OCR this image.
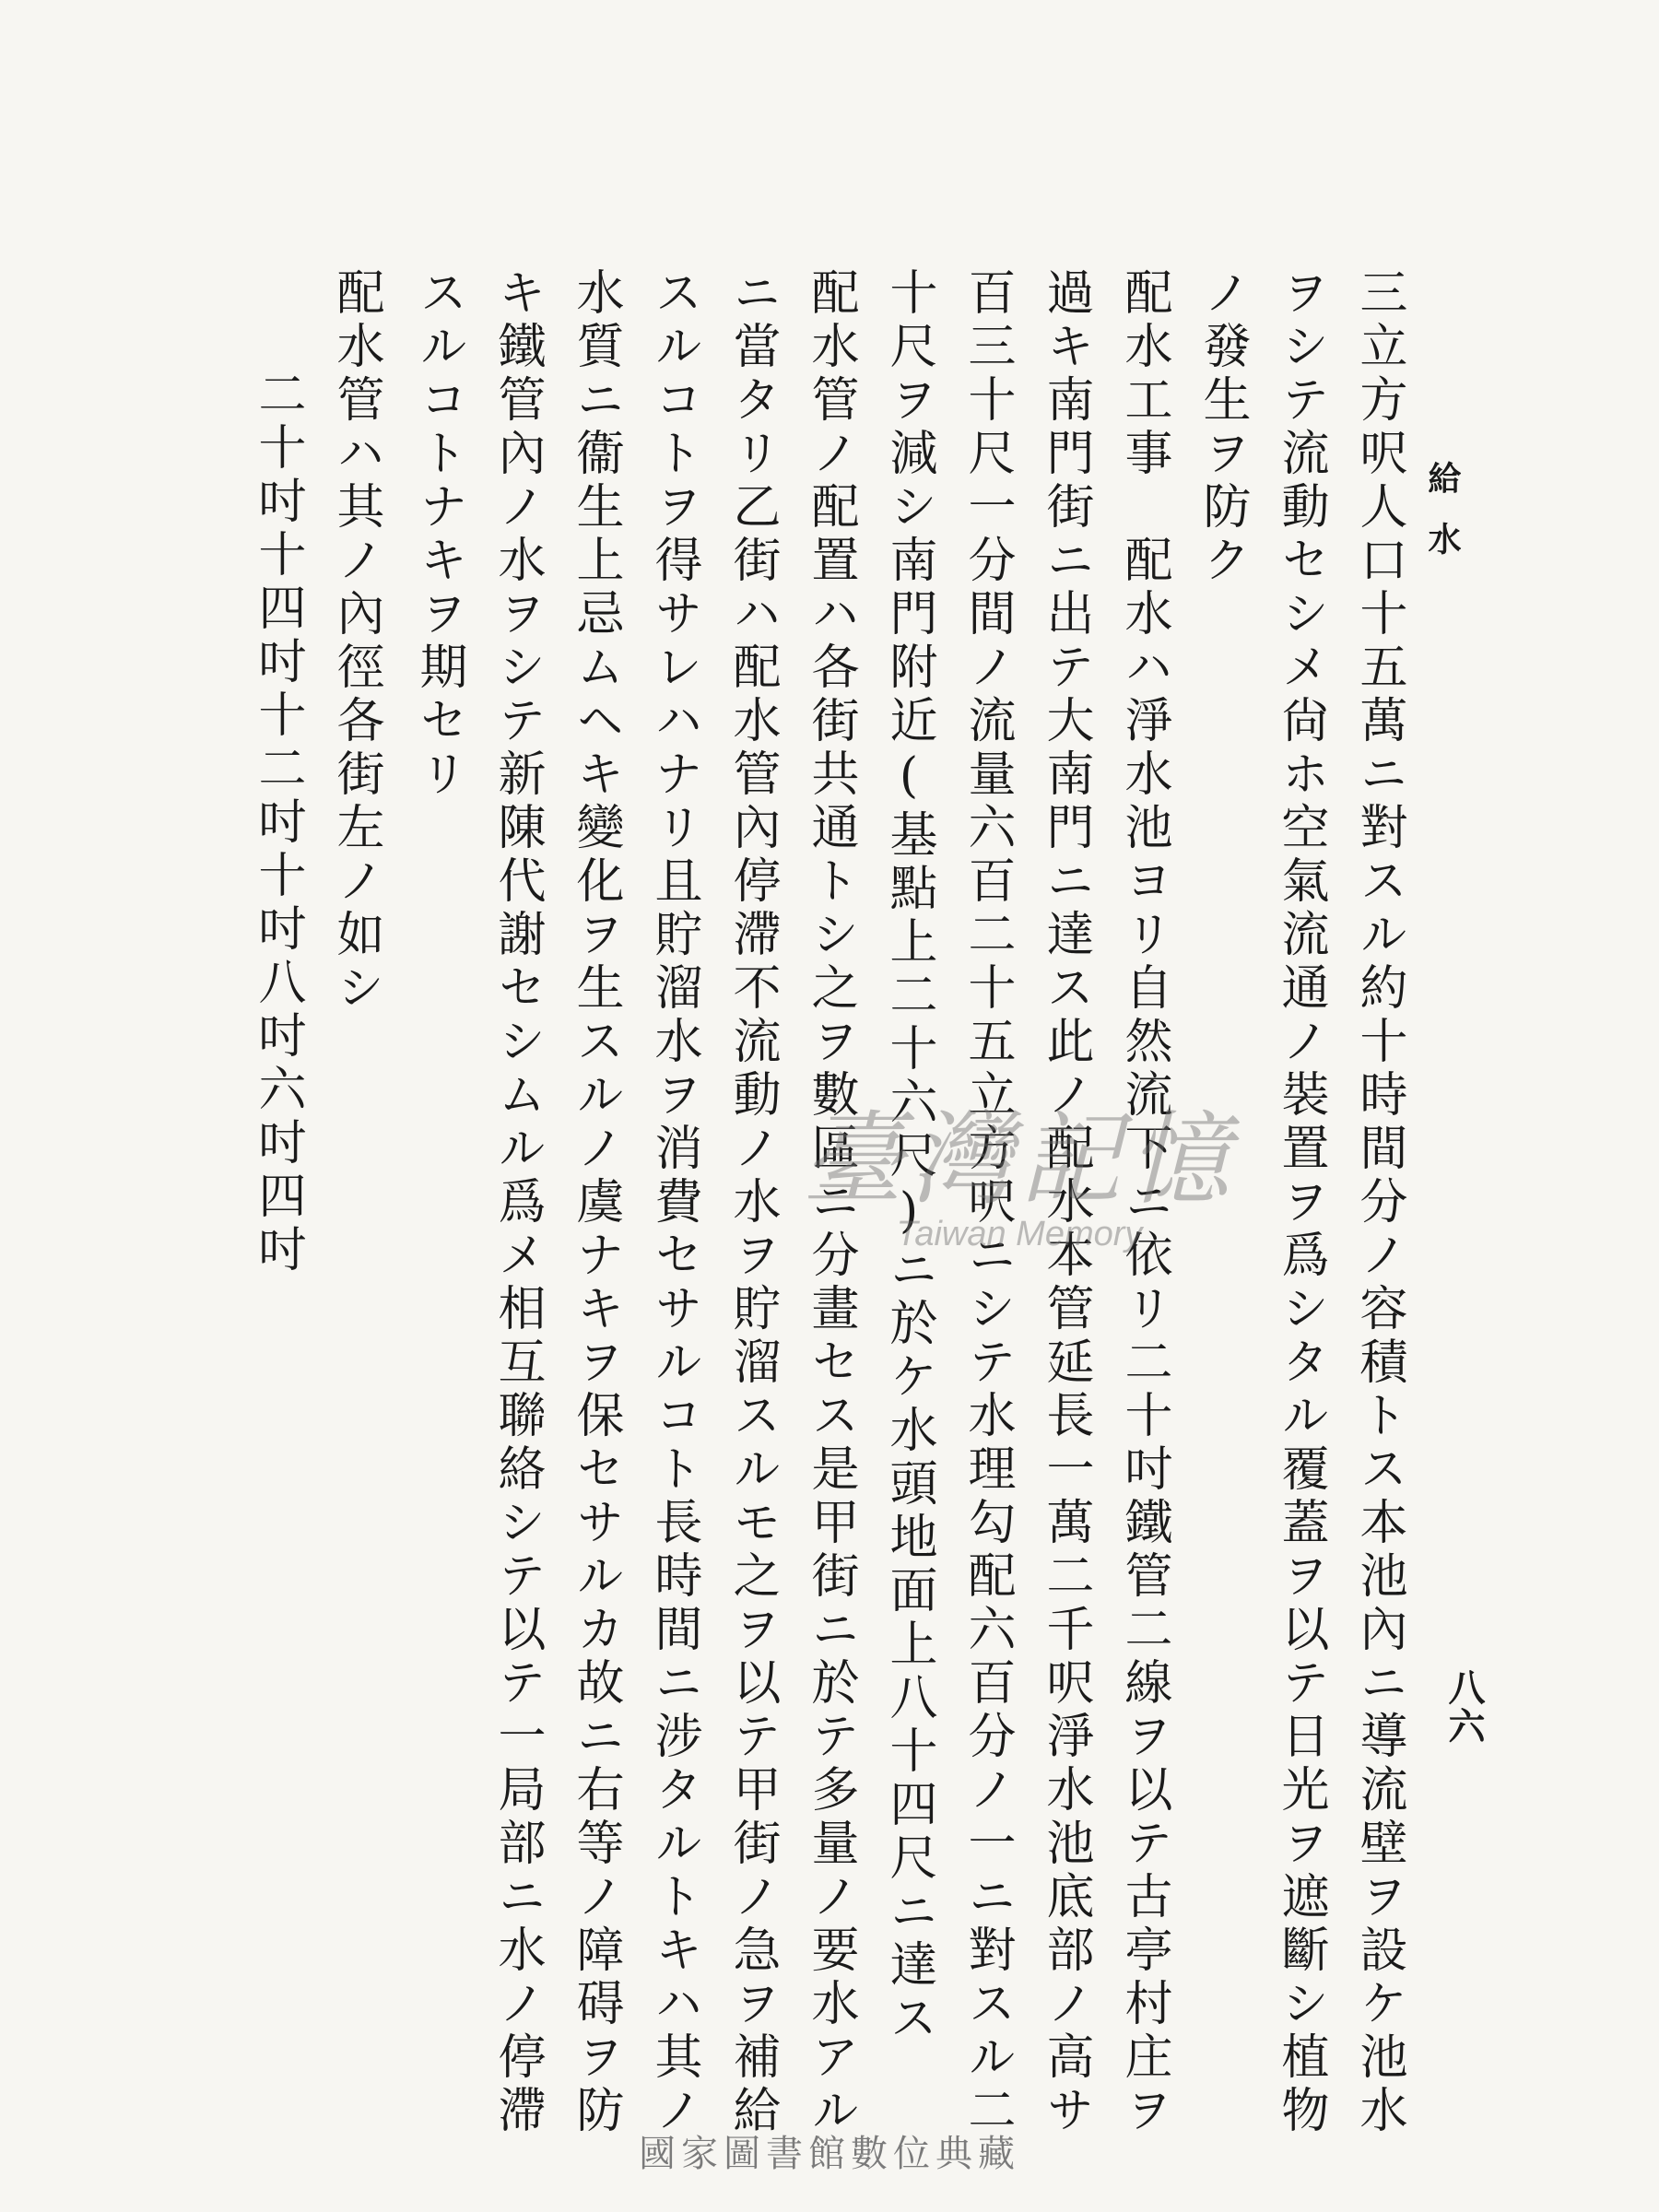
給水
八六
三立方呎人口十五萬ニ對スル約十時間分ノ容積トス本池內ニ導流壁ヲ設ケ池水
ヲシテ流動セシメ尙ホ空氣流通ノ裝置ヲ爲シタル覆蓋ヲ以テ日光ヲ遮斷シ植物
ノ發生ヲ防ク
配水工事　配水ハ淨水池ヨリ自然流下ニ依リ二十吋鐵管二線ヲ以テ古亭村庄ヲ
過キ南門街ニ出テ大南門ニ達ス此ノ配水本管延長一萬二千呎淨水池底部ノ高サ
百三十尺一分間ノ流量六百二十五立方呎ニシテ水理勾配六百分ノ一ニ對スル二
十尺ヲ減シ南門附近(基點上二十六尺)ニ於ケ水頭地面上八十四尺ニ達ス
配水管ノ配置ハ各街共通トシ之ヲ數區ニ分畫セス是甲街ニ於テ多量ノ要水アル
ニ當タリ乙街ハ配水管內停滯不流動ノ水ヲ貯溜スルモ之ヲ以テ甲街ノ急ヲ補給
スルコトヲ得サレハナリ且貯溜水ヲ消費セサルコト長時間ニ涉タルトキハ其ノ
水質ニ衞生上忌ムヘキ變化ヲ生スルノ虞ナキヲ保セサルカ故ニ右等ノ障碍ヲ防
キ鐵管內ノ水ヲシテ新陳代謝セシムル爲メ相互聯絡シテ以テ一局部ニ水ノ停滯
スルコトナキヲ期セリ
配水管ハ其ノ內徑各街左ノ如シ
二十吋十四吋十二吋十吋八吋六吋四吋	臺灣記憶
Taiwan Memory
國家圖書館數位典藏
